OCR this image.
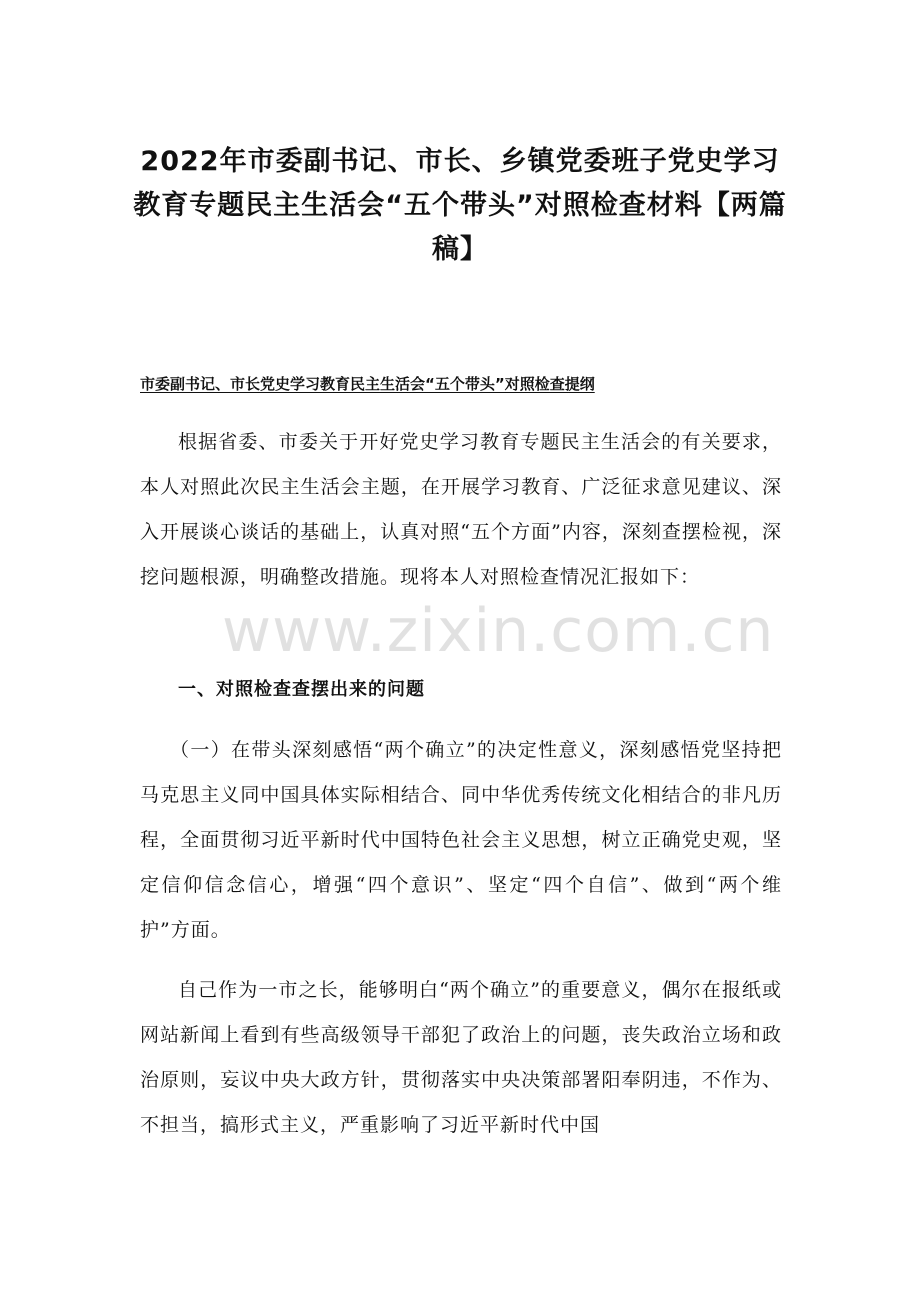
2022年市委副书记、市长、乡镇党委班子党史学习教育专题民主生活会“五个带头”对照检查材料【两篇稿】

市委副书记、市长党史学习教育民主生活会“五个带头”对照检查提纲

根据省委、市委关于开好党史学习教育专题民主生活会的有关要求，本人对照此次民主生活会主题，在开展学习教育、广泛征求意见建议、深入开展谈心谈话的基础上，认真对照“五个方面”内容，深刻查摆检视，深挖问题根源，明确整改措施。现将本人对照检查情况汇报如下：

一、对照检查查摆出来的问题

（一）在带头深刻感悟“两个确立”的决定性意义，深刻感悟党坚持把马克思主义同中国具体实际相结合、同中华优秀传统文化相结合的非凡历程，全面贯彻习近平新时代中国特色社会主义思想，树立正确党史观，坚定信仰信念信心，增强“四个意识”、坚定“四个自信”、做到“两个维护”方面。

自己作为一市之长，能够明白“两个确立”的重要意义，偶尔在报纸或网站新闻上看到有些高级领导干部犯了政治上的问题，丧失政治立场和政治原则，妄议中央大政方针，贯彻落实中央决策部署阳奉阴违，不作为、不担当，搞形式主义，严重影响了习近平新时代中国

www.zixin.com.cn
